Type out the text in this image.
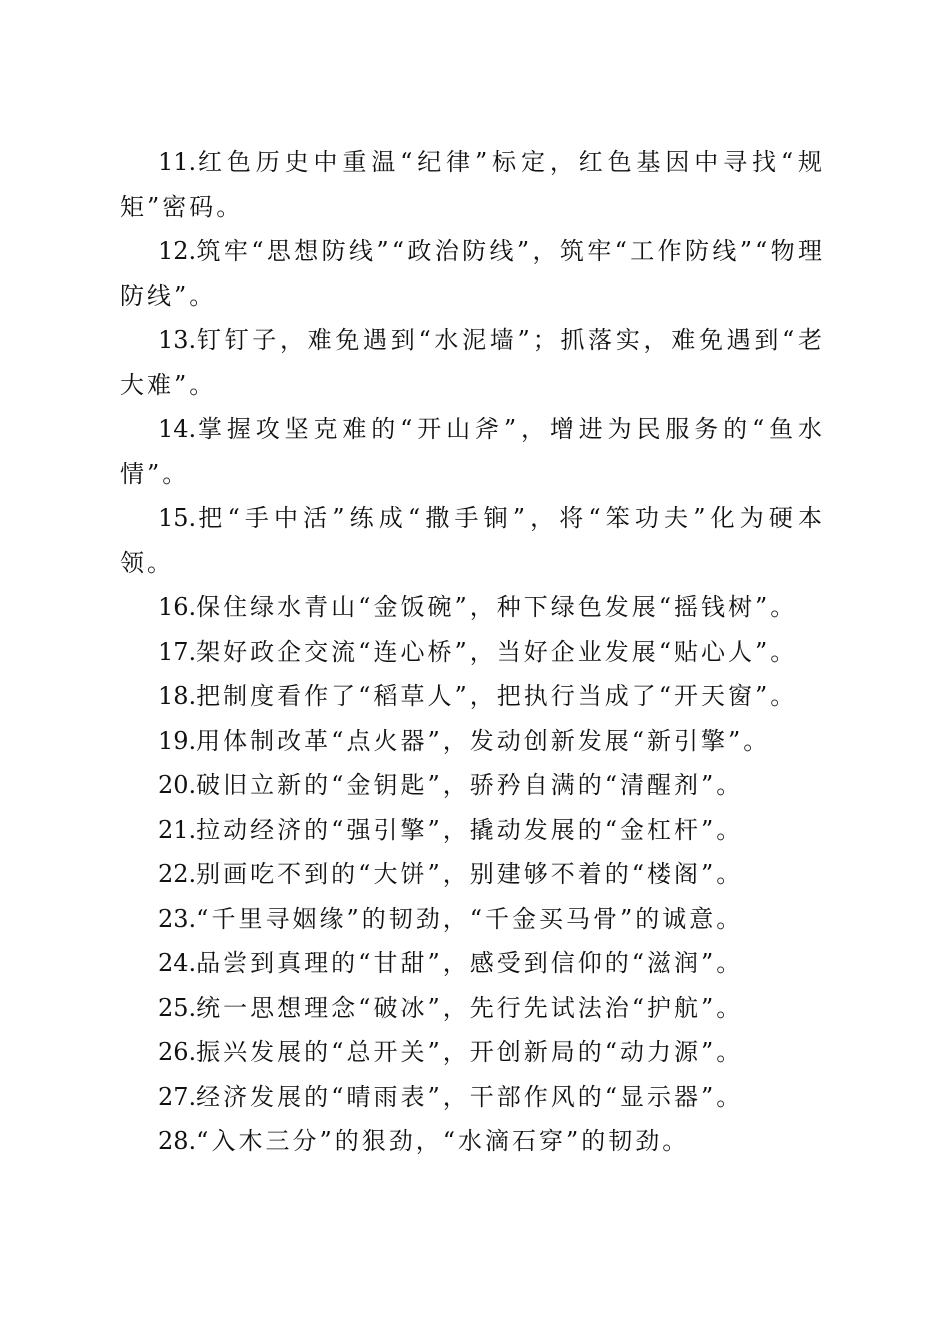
11.红色历史中重温“纪律”标定，红色基因中寻找“规矩”密码。

12.筑牢“思想防线”“政治防线”，筑牢“工作防线”“物理防线”。

13.钉钉子，难免遇到“水泥墙”；抓落实，难免遇到“老大难”。

14.掌握攻坚克难的“开山斧”，增进为民服务的“鱼水情”。

15.把“手中活”练成“撒手锏”，将“笨功夫”化为硬本领。

16.保住绿水青山“金饭碗”，种下绿色发展“摇钱树”。

17.架好政企交流“连心桥”，当好企业发展“贴心人”。

18.把制度看作了“稻草人”，把执行当成了“开天窗”。

19.用体制改革“点火器”，发动创新发展“新引擎”。

20.破旧立新的“金钥匙”，骄矜自满的“清醒剂”。

21.拉动经济的“强引擎”，撬动发展的“金杠杆”。

22.别画吃不到的“大饼”，别建够不着的“楼阁”。

23.“千里寻姻缘”的韧劲，“千金买马骨”的诚意。

24.品尝到真理的“甘甜”，感受到信仰的“滋润”。

25.统一思想理念“破冰”，先行先试法治“护航”。

26.振兴发展的“总开关”，开创新局的“动力源”。

27.经济发展的“晴雨表”，干部作风的“显示器”。

28.“入木三分”的狠劲，“水滴石穿”的韧劲。
